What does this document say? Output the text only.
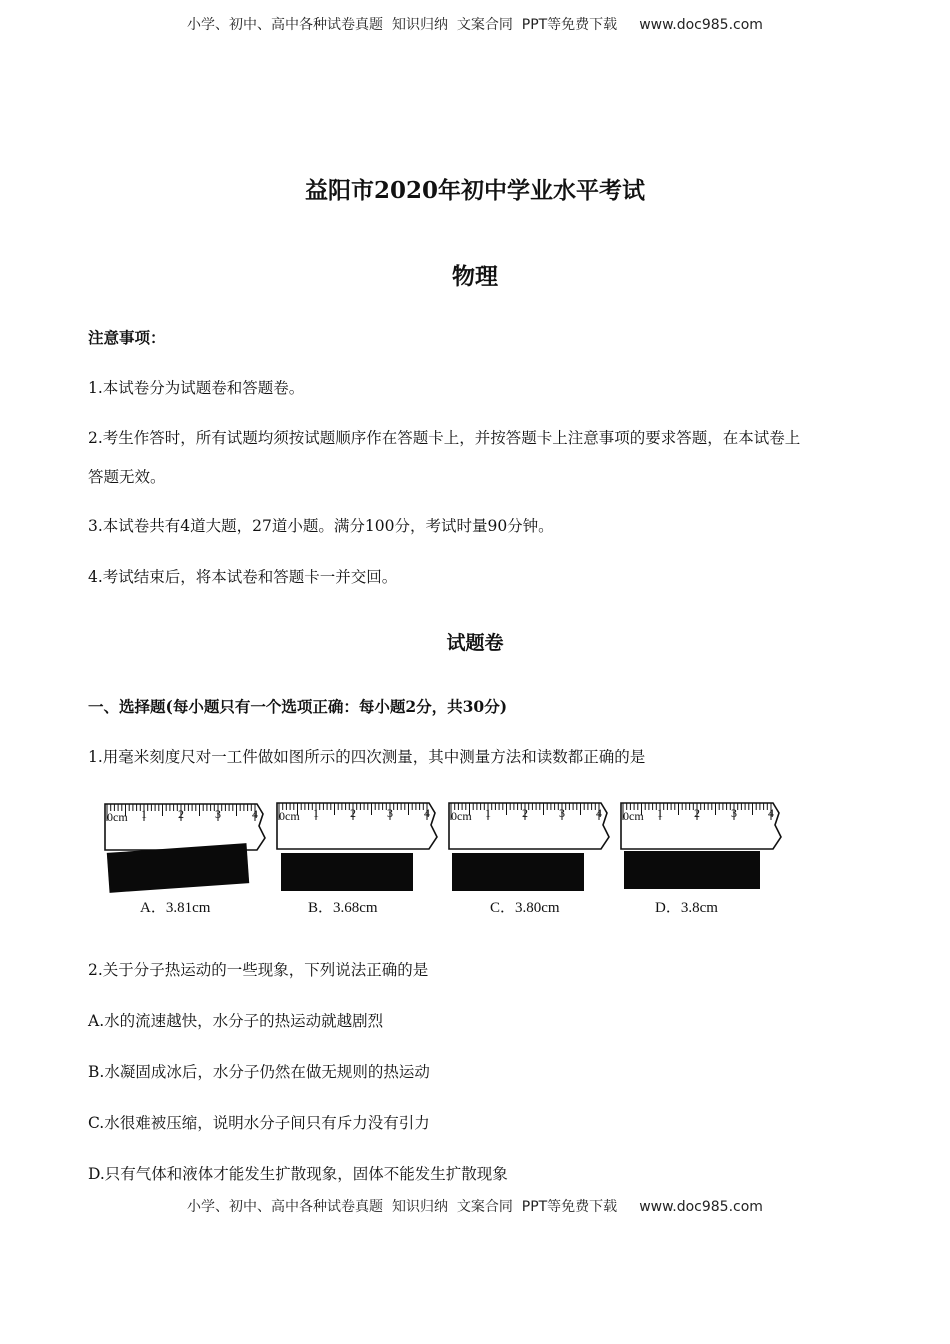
小学、初中、高中各种试卷真题  知识归纳  文案合同  PPT等免费下载 www.doc985.com
益阳市2020年初中学业水平考试
物理
注意事项：
1.本试卷分为试题卷和答题卷。
2.考生作答时，所有试题均须按试题顺序作在答题卡上，并按答题卡上注意事项的要求答题，在本试卷上
答题无效。
3.本试卷共有4道大题，27道小题。满分100分，考试时量90分钟。
4.考试结束后，将本试卷和答题卡一并交回。
试题卷
一、选择题(每小题只有一个选项正确：每小题2分，共30分)
1.用毫米刻度尺对一工件做如图所示的四次测量，其中测量方法和读数都正确的是
0cm 1	2	3	4
A．3.81cm
0cm 1	2	3	4
B．3.68cm
0cm 1	2	3	4
C．3.80cm
0cm 1	2	3	4
D．3.8cm
2.关于分子热运动的一些现象，下列说法正确的是
A.水的流速越快，水分子的热运动就越剧烈
B.水凝固成冰后，水分子仍然在做无规则的热运动
C.水很难被压缩，说明水分子间只有斥力没有引力
D.只有气体和液体才能发生扩散现象，固体不能发生扩散现象
小学、初中、高中各种试卷真题  知识归纳  文案合同  PPT等免费下载 www.doc985.com
